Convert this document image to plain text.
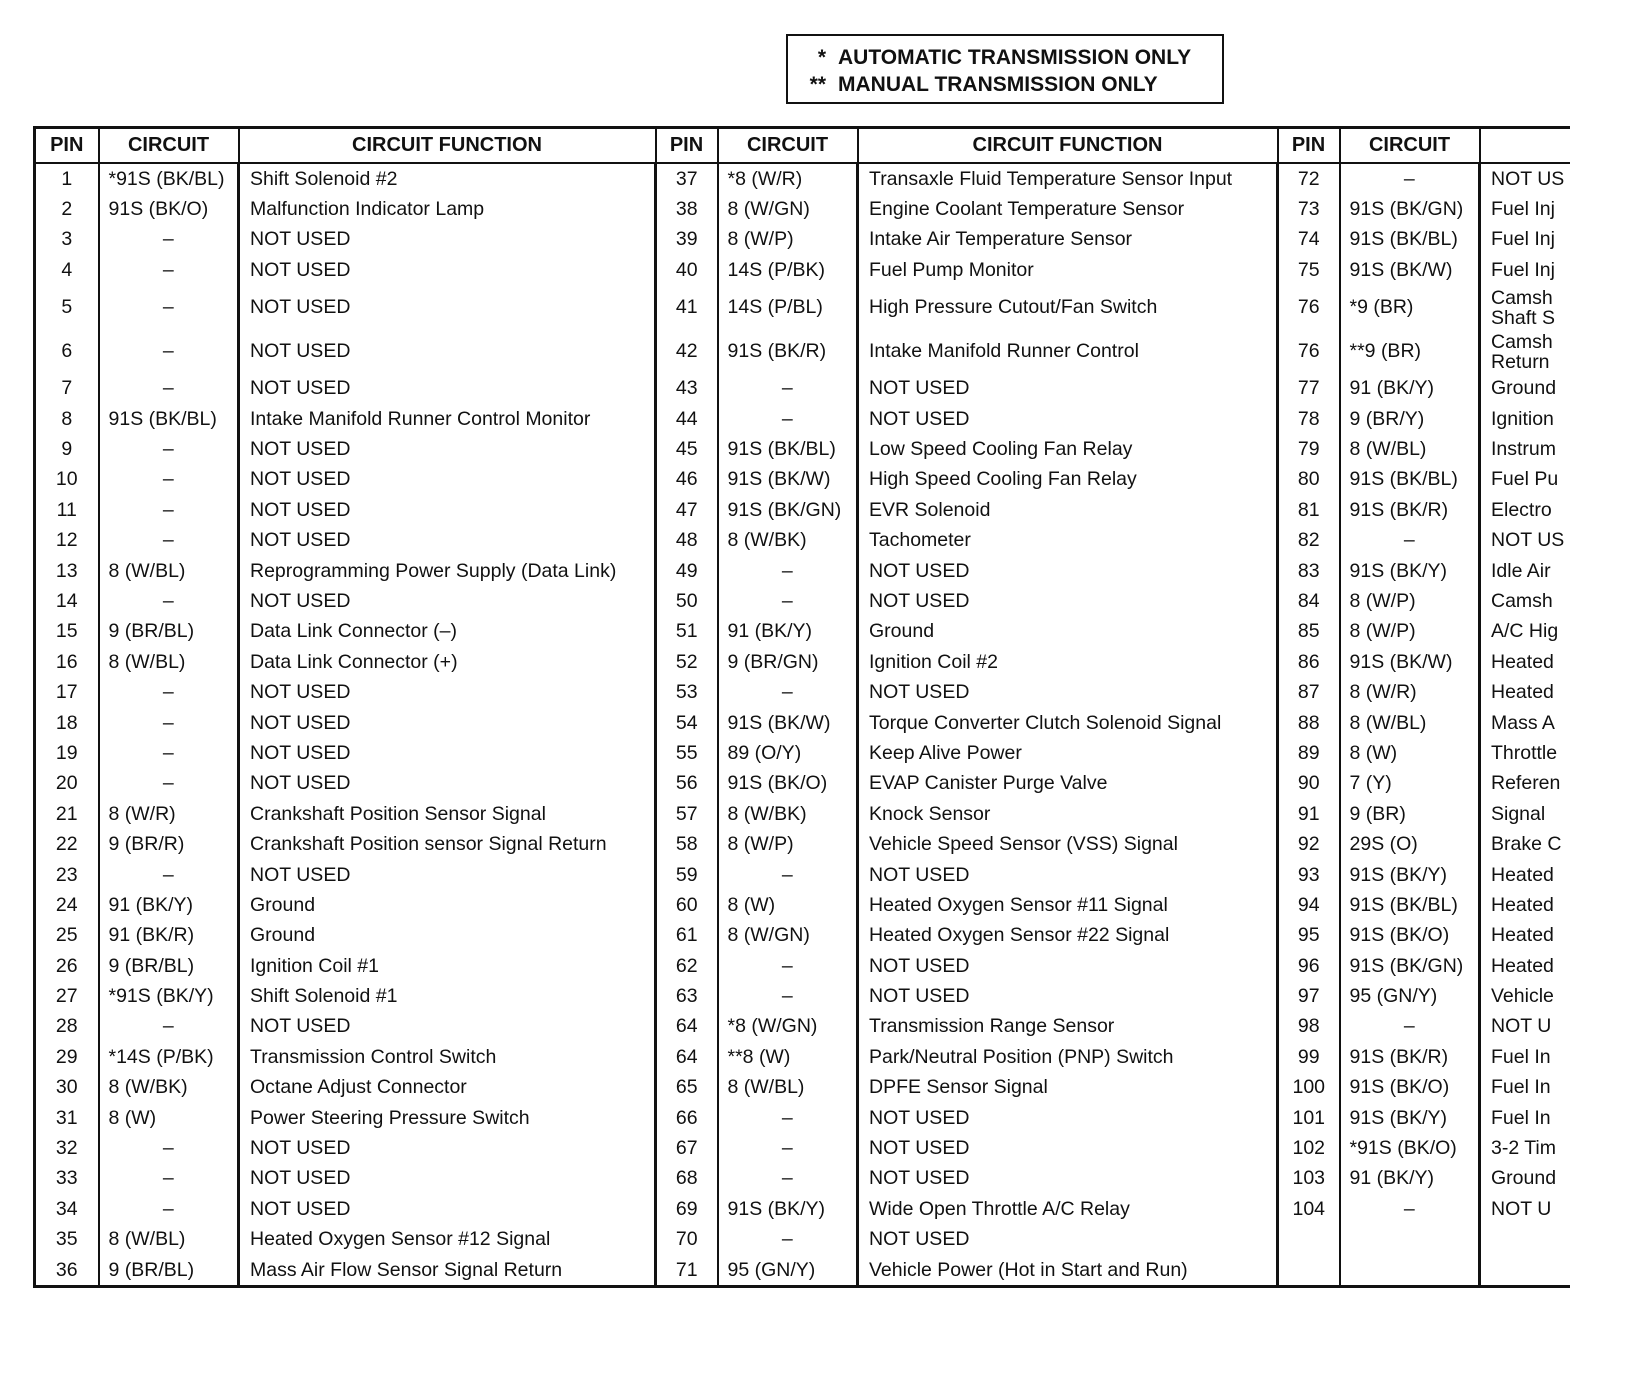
* AUTOMATIC TRANSMISSION ONLY
** MANUAL TRANSMISSION ONLY
PIN	CIRCUIT	CIRCUIT FUNCTION	PIN	CIRCUIT	CIRCUIT FUNCTION	PIN	CIRCUIT	
1	*91S (BK/BL)	Shift Solenoid #2	37	*8 (W/R)	Transaxle Fluid Temperature Sensor Input	72	–	NOT US
2	91S (BK/O)	Malfunction Indicator Lamp	38	8 (W/GN)	Engine Coolant Temperature Sensor	73	91S (BK/GN)	Fuel Inj
3	–	NOT USED	39	8 (W/P)	Intake Air Temperature Sensor	74	91S (BK/BL)	Fuel Inj
4	–	NOT USED	40	14S (P/BK)	Fuel Pump Monitor	75	91S (BK/W)	Fuel Inj
5	–	NOT USED	41	14S (P/BL)	High Pressure Cutout/Fan Switch	76	*9 (BR)	Camsh
Shaft S

6	–	NOT USED	42	91S (BK/R)	Intake Manifold Runner Control	76	**9 (BR)	Camsh
Return

7	–	NOT USED	43	–	NOT USED	77	91 (BK/Y)	Ground
8	91S (BK/BL)	Intake Manifold Runner Control Monitor	44	–	NOT USED	78	9 (BR/Y)	Ignition
9	–	NOT USED	45	91S (BK/BL)	Low Speed Cooling Fan Relay	79	8 (W/BL)	Instrum
10	–	NOT USED	46	91S (BK/W)	High Speed Cooling Fan Relay	80	91S (BK/BL)	Fuel Pu
11	–	NOT USED	47	91S (BK/GN)	EVR Solenoid	81	91S (BK/R)	Electro
12	–	NOT USED	48	8 (W/BK)	Tachometer	82	–	NOT US
13	8 (W/BL)	Reprogramming Power Supply (Data Link)	49	–	NOT USED	83	91S (BK/Y)	Idle Air
14	–	NOT USED	50	–	NOT USED	84	8 (W/P)	Camsh
15	9 (BR/BL)	Data Link Connector (–)	51	91 (BK/Y)	Ground	85	8 (W/P)	A/C Hig
16	8 (W/BL)	Data Link Connector (+)	52	9 (BR/GN)	Ignition Coil #2	86	91S (BK/W)	Heated
17	–	NOT USED	53	–	NOT USED	87	8 (W/R)	Heated
18	–	NOT USED	54	91S (BK/W)	Torque Converter Clutch Solenoid Signal	88	8 (W/BL)	Mass A
19	–	NOT USED	55	89 (O/Y)	Keep Alive Power	89	8 (W)	Throttle
20	–	NOT USED	56	91S (BK/O)	EVAP Canister Purge Valve	90	7 (Y)	Referen
21	8 (W/R)	Crankshaft Position Sensor Signal	57	8 (W/BK)	Knock Sensor	91	9 (BR)	Signal
22	9 (BR/R)	Crankshaft Position sensor Signal Return	58	8 (W/P)	Vehicle Speed Sensor (VSS) Signal	92	29S (O)	Brake C
23	–	NOT USED	59	–	NOT USED	93	91S (BK/Y)	Heated
24	91 (BK/Y)	Ground	60	8 (W)	Heated Oxygen Sensor #11 Signal	94	91S (BK/BL)	Heated
25	91 (BK/R)	Ground	61	8 (W/GN)	Heated Oxygen Sensor #22 Signal	95	91S (BK/O)	Heated
26	9 (BR/BL)	Ignition Coil #1	62	–	NOT USED	96	91S (BK/GN)	Heated
27	*91S (BK/Y)	Shift Solenoid #1	63	–	NOT USED	97	95 (GN/Y)	Vehicle
28	–	NOT USED	64	*8 (W/GN)	Transmission Range Sensor	98	–	NOT U
29	*14S (P/BK)	Transmission Control Switch	64	**8 (W)	Park/Neutral Position (PNP) Switch	99	91S (BK/R)	Fuel In
30	8 (W/BK)	Octane Adjust Connector	65	8 (W/BL)	DPFE Sensor Signal	100	91S (BK/O)	Fuel In
31	8 (W)	Power Steering Pressure Switch	66	–	NOT USED	101	91S (BK/Y)	Fuel In
32	–	NOT USED	67	–	NOT USED	102	*91S (BK/O)	3-2 Tim
33	–	NOT USED	68	–	NOT USED	103	91 (BK/Y)	Ground
34	–	NOT USED	69	91S (BK/Y)	Wide Open Throttle A/C Relay	104	–	NOT U
35	8 (W/BL)	Heated Oxygen Sensor #12 Signal	70	–	NOT USED			
36	9 (BR/BL)	Mass Air Flow Sensor Signal Return	71	95 (GN/Y)	Vehicle Power (Hot in Start and Run)			
